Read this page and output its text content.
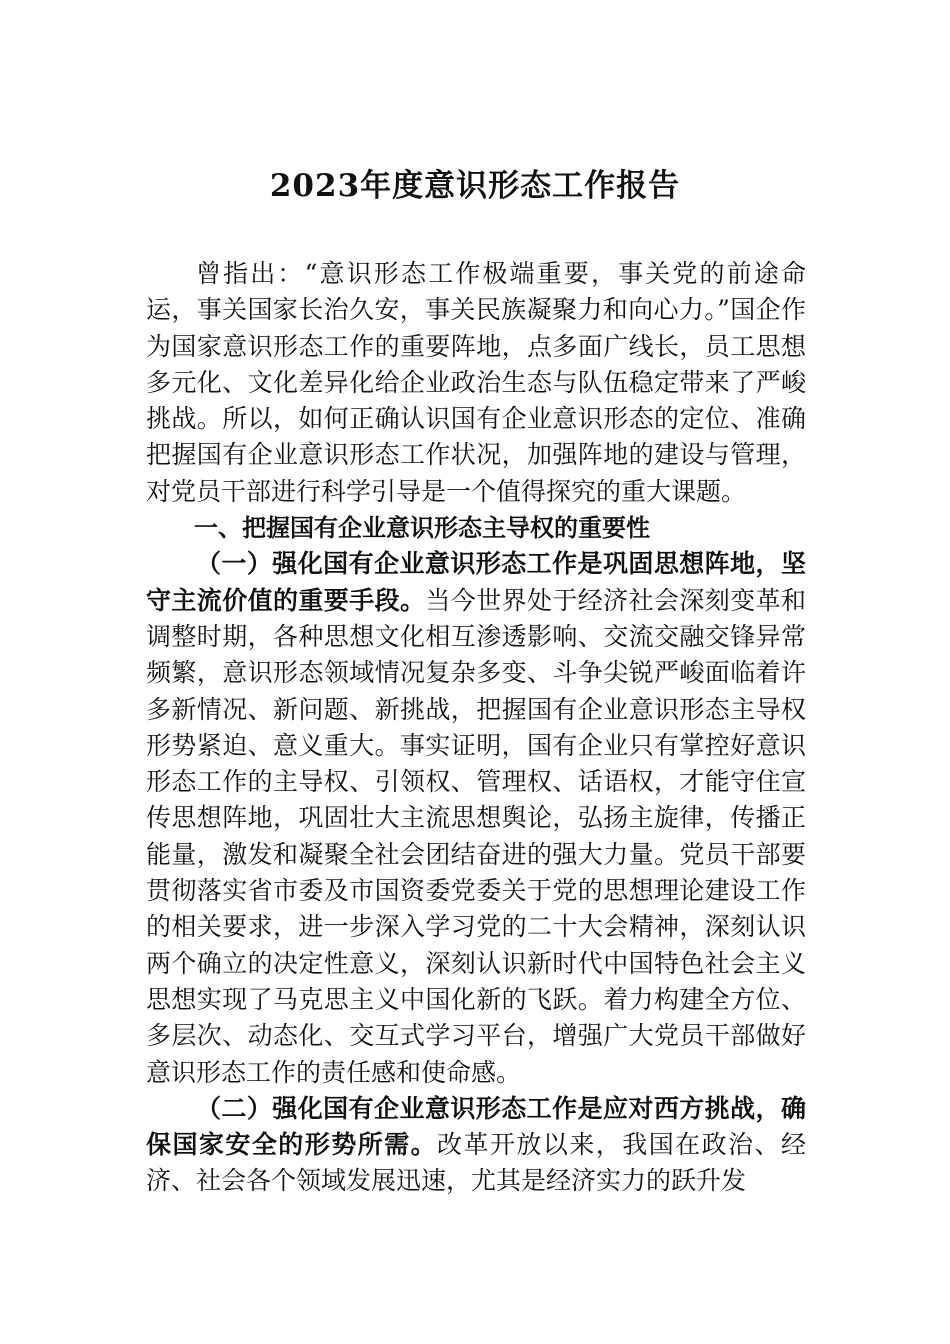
2023年度意识形态工作报告

曾指出：“意识形态工作极端重要，事关党的前途命运，事关国家长治久安，事关民族凝聚力和向心力。”国企作为国家意识形态工作的重要阵地，点多面广线长，员工思想多元化、文化差异化给企业政治生态与队伍稳定带来了严峻挑战。所以，如何正确认识国有企业意识形态的定位、准确把握国有企业意识形态工作状况，加强阵地的建设与管理，对党员干部进行科学引导是一个值得探究的重大课题。

一、把握国有企业意识形态主导权的重要性

（一）强化国有企业意识形态工作是巩固思想阵地，坚守主流价值的重要手段。当今世界处于经济社会深刻变革和调整时期，各种思想文化相互渗透影响、交流交融交锋异常频繁，意识形态领域情况复杂多变、斗争尖锐严峻面临着许多新情况、新问题、新挑战，把握国有企业意识形态主导权形势紧迫、意义重大。事实证明，国有企业只有掌控好意识形态工作的主导权、引领权、管理权、话语权，才能守住宣传思想阵地，巩固壮大主流思想舆论，弘扬主旋律，传播正能量，激发和凝聚全社会团结奋进的强大力量。党员干部要贯彻落实省市委及市国资委党委关于党的思想理论建设工作的相关要求，进一步深入学习党的二十大会精神，深刻认识两个确立的决定性意义，深刻认识新时代中国特色社会主义思想实现了马克思主义中国化新的飞跃。着力构建全方位、多层次、动态化、交互式学习平台，增强广大党员干部做好意识形态工作的责任感和使命感。

（二）强化国有企业意识形态工作是应对西方挑战，确保国家安全的形势所需。改革开放以来，我国在政治、经济、社会各个领域发展迅速，尤其是经济实力的跃升发
